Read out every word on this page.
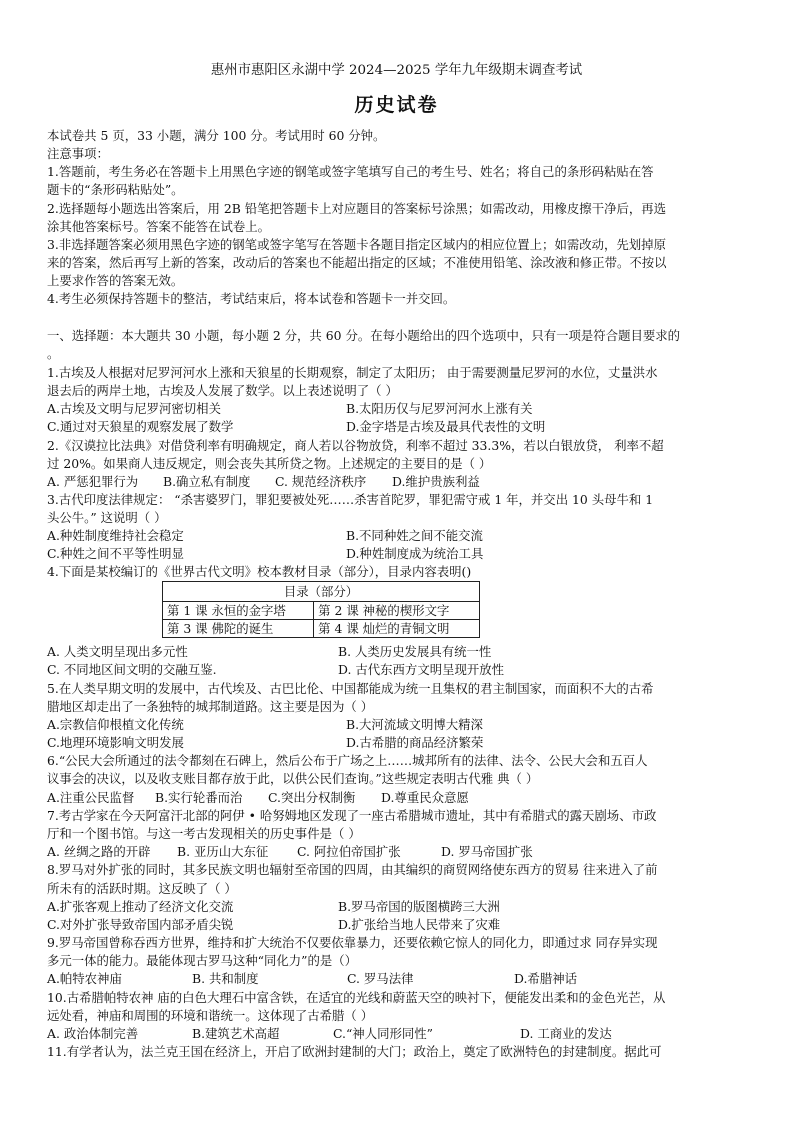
惠州市惠阳区永湖中学 2024—2025 学年九年级期末调查考试
历史试卷
本试卷共 5 页，33 小题，满分 100 分。考试用时 60 分钟。
注意事项：
1.答题前，考生务必在答题卡上用黑色字迹的钢笔或签字笔填写自己的考生号、姓名；将自己的条形码粘贴在答
题卡的“条形码粘贴处”。
2.选择题每小题选出答案后，用 2B 铅笔把答题卡上对应题目的答案标号涂黑；如需改动，用橡皮擦干净后，再选
涂其他答案标号。答案不能答在试卷上。
3.非选择题答案必须用黑色字迹的钢笔或签字笔写在答题卡各题目指定区域内的相应位置上；如需改动，先划掉原
来的答案，然后再写上新的答案，改动后的答案也不能超出指定的区域；不准使用铅笔、涂改液和修正带。不按以
上要求作答的答案无效。
4.考生必须保持答题卡的整洁，考试结束后，将本试卷和答题卡一并交回。
一、选择题：本大题共 30 小题，每小题 2 分，共 60 分。在每小题给出的四个选项中，只有一项是符合题目要求的
。
1.古埃及人根据对尼罗河河水上涨和天狼星的长期观察，制定了太阳历； 由于需要测量尼罗河的水位，丈量洪水
退去后的两岸土地，古埃及人发展了数学。以上表述说明了（ ）
A.古埃及文明与尼罗河密切相关	B.太阳历仅与尼罗河河水上涨有关
C.通过对天狼星的观察发展了数学	D.金字塔是古埃及最具代表性的文明
2.《汉谟拉比法典》对借贷利率有明确规定，商人若以谷物放贷，利率不超过 33.3%，若以白银放贷， 利率不超
过 20%。如果商人违反规定，则会丧失其所贷之物。上述规定的主要目的是（ ）
A. 严惩犯罪行为 B.确立私有制度 C. 规范经济秩序 D.维护贵族利益
3.古代印度法律规定： “杀害婆罗门，罪犯要被处死……杀害首陀罗，罪犯需守戒 1 年，并交出 10 头母牛和 1
头公牛。” 这说明（ ）
A.种姓制度维持社会稳定	B.不同种姓之间不能交流
C.种姓之间不平等性明显	D.种姓制度成为统治工具
4.下面是某校编订的《世界古代文明》校本教材目录（部分），目录内容表明()
目录（部分）	
第 1 课 永恒的金字塔	第 2 课 神秘的楔形文字
第 3 课 佛陀的诞生	第 4 课 灿烂的青铜文明
A. 人类文明呈现出多元性	B. 人类历史发展具有统一性
C. 不同地区间文明的交融互鉴.	D. 古代东西方文明呈现开放性
5.在人类早期文明的发展中，古代埃及、古巴比伦、中国都能成为统一且集权的君主制国家，而面积不大的古希
腊地区却走出了一条独特的城邦制道路。这主要是因为（ ）
A.宗教信仰根植文化传统	B.大河流域文明博大精深
C.地理环境影响文明发展	D.古希腊的商品经济繁荣
6.“公民大会所通过的法令都刻在石碑上，然后公布于广场之上……城邦所有的法律、法令、公民大会和五百人
议事会的决议，以及收支账目都存放于此，以供公民们查询。”这些规定表明古代雅 典（ ）
A.注重公民监督 B.实行轮番而治 C.突出分权制衡 D.尊重民众意愿
7.考古学家在今天阿富汗北部的阿伊 • 哈努姆地区发现了一座古希腊城市遗址，其中有希腊式的露天剧场、市政
厅和一个图书馆。与这一考古发现相关的历史事件是（ ）
A. 丝绸之路的开辟 B. 亚历山大东征 C. 阿拉伯帝国扩张	D. 罗马帝国扩张
8.罗马对外扩张的同时，其多民族文明也辐射至帝国的四周，由其编织的商贸网络使东西方的贸易 往来进入了前
所未有的活跃时期。这反映了（ ）
A.扩张客观上推动了经济文化交流	B.罗马帝国的版图横跨三大洲
C.对外扩张导致帝国内部矛盾尖锐	D.扩张给当地人民带来了灾难
9.罗马帝国曾称吞西方世界，维持和扩大统治不仅要依靠暴力，还要依赖它惊人的同化力，即通过求 同存异实现
多元一体的能力。最能体现古罗马这种“同化力”的是（）
A.帕特农神庙	B. 共和制度	C. 罗马法律	D.希腊神话
10.古希腊帕特农神 庙的白色大理石中富含铁，在适宜的光线和蔚蓝天空的映衬下，便能发出柔和的金色光芒，从
远处看，神庙和周围的环境和谐统一。这体现了古希腊（ ）
A. 政治体制完善	B.建筑艺术高超	C.“神人同形同性”	D. 工商业的发达
11.有学者认为，法兰克王国在经济上，开启了欧洲封建制的大门；政治上，奠定了欧洲特色的封建制度。据此可
